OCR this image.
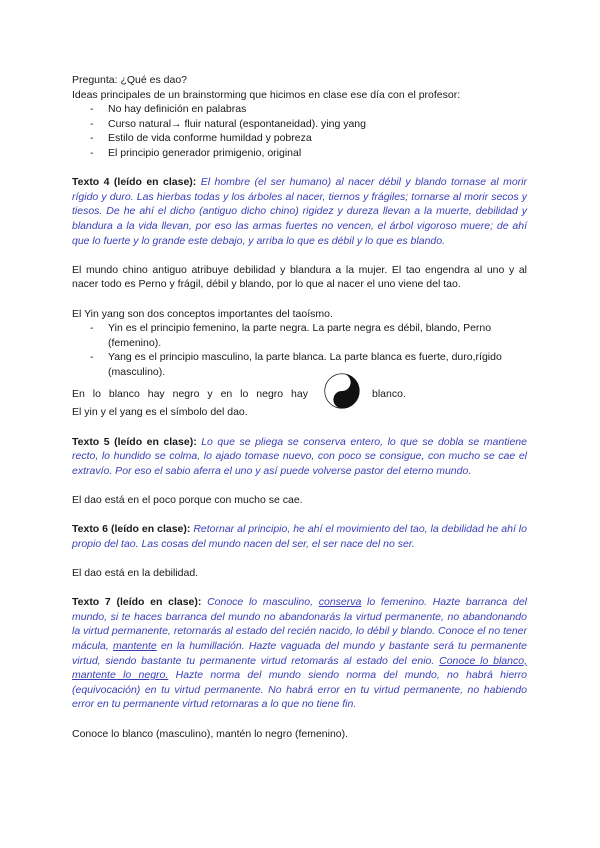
Pregunta: ¿Qué es dao?

Ideas principales de un brainstorming que hicimos en clase ese día con el profesor:

- No hay definición en palabras
- Curso natural→ fluir natural (espontaneidad). ying yang
- Estilo de vida conforme humildad y pobreza
- El principio generador primigenio, original

Texto 4 (leído en clase): El hombre (el ser humano) al nacer débil y blando tornase al morir rígido y duro. Las hierbas todas y los árboles al nacer, tiernos y frágiles; tornarse al morir secos y tiesos. De he ahí el dicho (antiguo dicho chino) rigidez y dureza llevan a la muerte, debilidad y blandura a la vida llevan, por eso las armas fuertes no vencen, el árbol vigoroso muere; de ahí que lo fuerte y lo grande este debajo, y arriba lo que es débil y lo que es blando.

El mundo chino antiguo atribuye debilidad y blandura a la mujer. El tao engendra al uno y al nacer todo es Perno y frágil, débil y blando, por lo que al nacer el uno viene del tao.

El Yin yang son dos conceptos importantes del taoísmo.

- Yin es el principio femenino, la parte negra. La parte negra es débil, blando, Perno (femenino).
- Yang es el principio masculino, la parte blanca. La parte blanca es fuerte, duro,rígido (masculino).
En lo blanco hay negro y en lo negro hay	blanco.

El yin y el yang es el símbolo del dao.

Texto 5 (leído en clase): Lo que se pliega se conserva entero, lo que se dobla se mantiene recto, lo hundido se colma, lo ajado tomase nuevo, con poco se consigue, con mucho se cae el extravío. Por eso el sabio aferra el uno y así puede volverse pastor del eterno mundo.

El dao está en el poco porque con mucho se cae.

Texto 6 (leído en clase): Retornar al principio, he ahí el movimiento del tao, la debilidad he ahí lo propio del tao. Las cosas del mundo nacen del ser, el ser nace del no ser.

El dao está en la debilidad.

Texto 7 (leído en clase): Conoce lo masculino, conserva lo femenino. Hazte barranca del mundo, si te haces barranca del mundo no abandonarás la virtud permanente, no abandonando la virtud permanente, retornarás al estado del recién nacido, lo débil y blando. Conoce el no tener mácula, mantente en la humillación. Hazte vaguada del mundo y bastante será tu permanente virtud, siendo bastante tu permanente virtud retomarás al estado del enio. Conoce lo blanco, mantente lo negro. Hazte norma del mundo siendo norma del mundo, no habrá hierro (equivocación) en tu virtud permanente. No habrá error en tu virtud permanente, no habiendo error en tu permanente virtud retornaras a lo que no tiene fin.

Conoce lo blanco (masculino), mantén lo negro (femenino).
